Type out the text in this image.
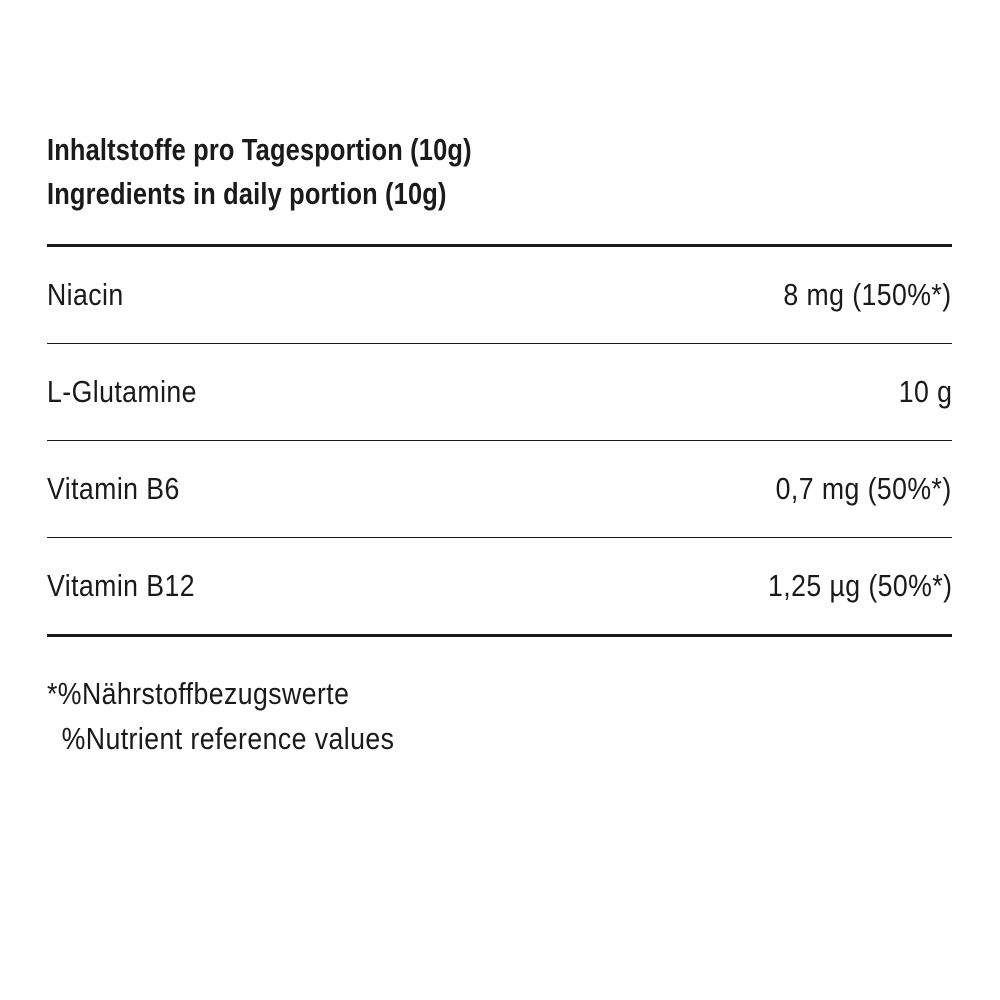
Inhaltstoffe pro Tagesportion (10g)
Ingredients in daily portion (10g)
Niacin	8 mg (150%*)
L-Glutamine	10 g
Vitamin B6	0,7 mg (50%*)
Vitamin B12	1,25 µg (50%*)
*%Nährstoffbezugswerte
%Nutrient reference values
